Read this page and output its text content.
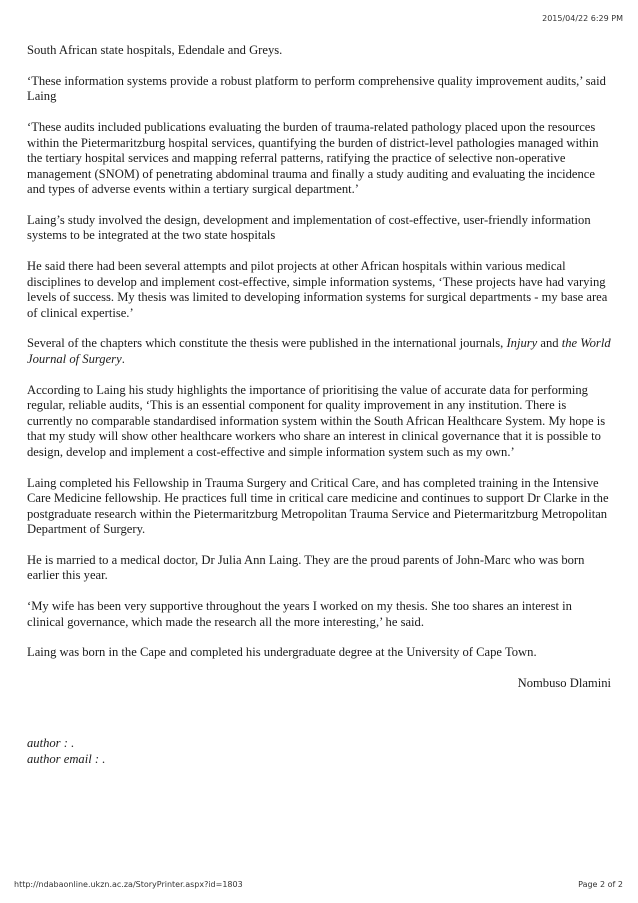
2015/04/22 6:29 PM

South African state hospitals, Edendale and Greys.

‘These information systems provide a robust platform to perform comprehensive quality improvement audits,’ said Laing

‘These audits included publications evaluating the burden of trauma-related pathology placed upon the resources within the Pietermaritzburg hospital services, quantifying the burden of district-level pathologies managed within the tertiary hospital services and mapping referral patterns, ratifying the practice of selective non-operative management (SNOM) of penetrating abdominal trauma and finally a study auditing and evaluating the incidence and types of adverse events within a tertiary surgical department.’

Laing’s study involved the design, development and implementation of cost-effective, user-friendly information systems to be integrated at the two state hospitals

He said there had been several attempts and pilot projects at other African hospitals within various medical disciplines to develop and implement cost-effective, simple information systems, ‘These projects have had varying levels of success. My thesis was limited to developing information systems for surgical departments - my base area of clinical expertise.’

Several of the chapters which constitute the thesis were published in the international journals, Injury and the World Journal of Surgery.

According to Laing his study highlights the importance of prioritising the value of accurate data for performing regular, reliable audits, ‘This is an essential component for quality improvement in any institution. There is currently no comparable standardised information system within the South African Healthcare System. My hope is that my study will show other healthcare workers who share an interest in clinical governance that it is possible to design, develop and implement a cost-effective and simple information system such as my own.’

Laing completed his Fellowship in Trauma Surgery and Critical Care, and has completed training in the Intensive Care Medicine fellowship. He practices full time in critical care medicine and continues to support Dr Clarke in the postgraduate research within the Pietermaritzburg Metropolitan Trauma Service and Pietermaritzburg Metropolitan Department of Surgery.

He is married to a medical doctor, Dr Julia Ann Laing. They are the proud parents of John-Marc who was born earlier this year.

‘My wife has been very supportive throughout the years I worked on my thesis. She too shares an interest in clinical governance, which made the research all the more interesting,’ he said.

Laing was born in the Cape and completed his undergraduate degree at the University of Cape Town.

Nombuso Dlamini

author : .
author email : .
http://ndabaonline.ukzn.ac.za/StoryPrinter.aspx?id=1803	Page 2 of 2
